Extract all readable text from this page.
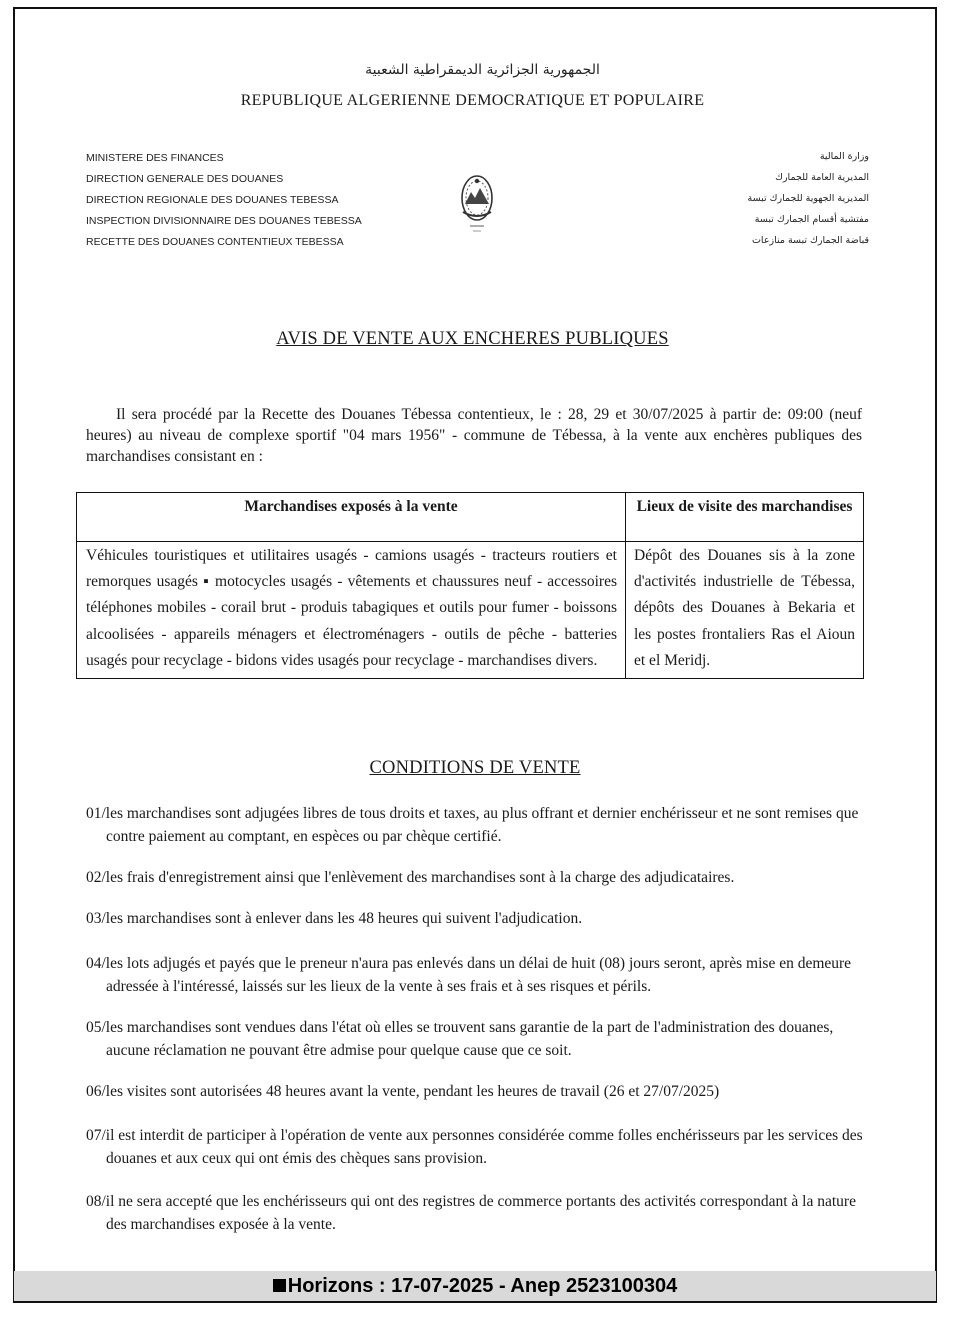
الجمهورية الجزائرية الديمقراطية الشعبية
REPUBLIQUE ALGERIENNE DEMOCRATIQUE ET POPULAIRE
MINISTERE DES FINANCES
DIRECTION GENERALE DES DOUANES
DIRECTION REGIONALE DES DOUANES TEBESSA
INSPECTION DIVISIONNAIRE DES DOUANES TEBESSA
RECETTE DES DOUANES CONTENTIEUX TEBESSA
وزارة المالية
المديرية العامة للجمارك
المديرية الجهوية للجمارك تبسة
مفتشية أقسام الجمارك تبسة
قباضة الجمارك تبسة منازعات
AVIS DE VENTE AUX ENCHERES PUBLIQUES
Il sera procédé par la Recette des Douanes Tébessa contentieux, le : 28, 29 et 30/07/2025 à partir de: 09:00 (neuf heures) au niveau de complexe sportif "04 mars 1956" - commune de Tébessa, à la vente aux enchères publiques des marchandises consistant en :
Marchandises exposés à la vente	Lieux de visite des marchandises
Véhicules touristiques et utilitaires usagés - camions usagés - tracteurs routiers et remorques usagés ▪ motocycles usagés - vêtements et chaussures neuf - accessoires téléphones mobiles - corail brut - produis tabagiques et outils pour fumer - boissons alcoolisées - appareils ménagers et électroménagers - outils de pêche - batteries usagés pour recyclage - bidons vides usagés pour recyclage - marchandises divers.	Dépôt des Douanes sis à la zone d'activités industrielle de Tébessa, dépôts des Douanes à Bekaria et les postes frontaliers Ras el Aioun et el Meridj.
CONDITIONS DE VENTE
01/les marchandises sont adjugées libres de tous droits et taxes, au plus offrant et dernier enchérisseur et ne sont remises que contre paiement au comptant, en espèces ou par chèque certifié.
02/les frais d'enregistrement ainsi que l'enlèvement des marchandises sont à la charge des adjudicataires.
03/les marchandises sont à enlever dans les 48 heures qui suivent l'adjudication.
04/les lots adjugés et payés que le preneur n'aura pas enlevés dans un délai de huit (08) jours seront, après mise en demeure adressée à l'intéressé, laissés sur les lieux de la vente à ses frais et à ses risques et périls.
05/les marchandises sont vendues dans l'état où elles se trouvent sans garantie de la part de l'administration des douanes, aucune réclamation ne pouvant être admise pour quelque cause que ce soit.
06/les visites sont autorisées 48 heures avant la vente, pendant les heures de travail (26 et 27/07/2025)
07/il est interdit de participer à l'opération de vente aux personnes considérée comme folles enchérisseurs par les services des douanes et aux ceux qui ont émis des chèques sans provision.
08/il ne sera accepté que les enchérisseurs qui ont des registres de commerce portants des activités correspondant à la nature des marchandises exposée à la vente.
Horizons : 17-07-2025 - Anep 2523100304
